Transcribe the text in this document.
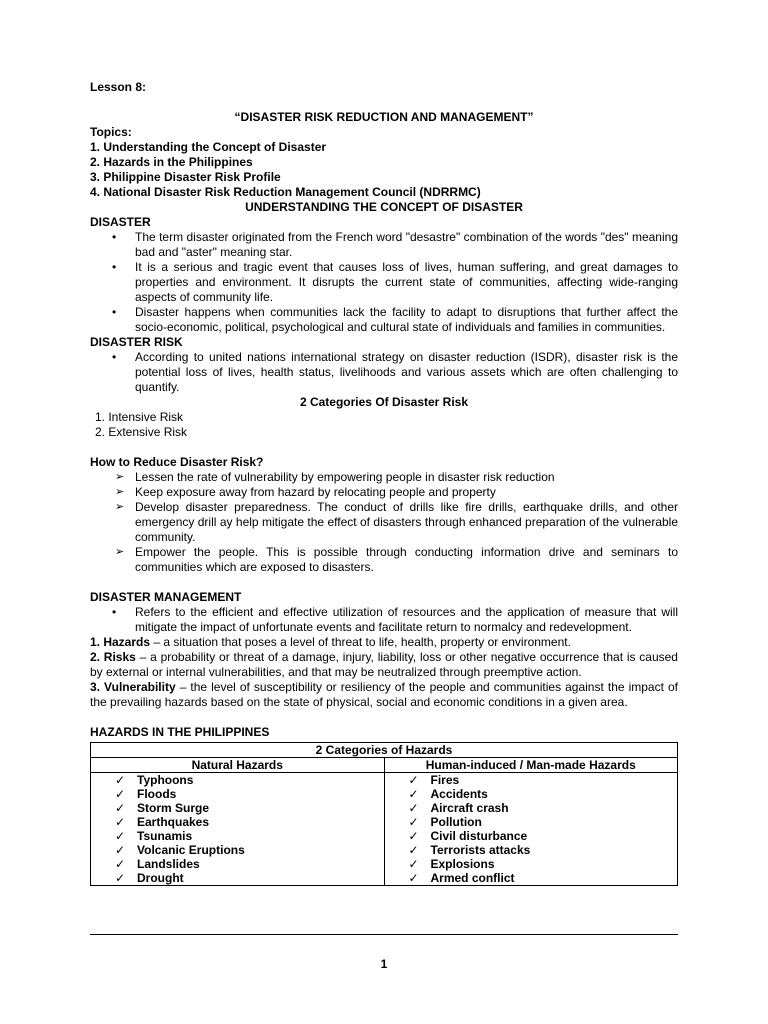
Lesson 8:

“DISASTER RISK REDUCTION AND MANAGEMENT”

Topics:

1. Understanding the Concept of Disaster

2. Hazards in the Philippines

3. Philippine Disaster Risk Profile

4. National Disaster Risk Reduction Management Council (NDRRMC)

UNDERSTANDING THE CONCEPT OF DISASTER

DISASTER

• The term disaster originated from the French word "desastre" combination of the words "des" meaning bad and "aster" meaning star.
• It is a serious and tragic event that causes loss of lives, human suffering, and great damages to properties and environment. It disrupts the current state of communities, affecting wide-ranging aspects of community life.
• Disaster happens when communities lack the facility to adapt to disruptions that further affect the socio-economic, political, psychological and cultural state of individuals and families in communities.

DISASTER RISK

• According to united nations international strategy on disaster reduction (ISDR), disaster risk is the potential loss of lives, health status, livelihoods and various assets which are often challenging to quantify.

2 Categories Of Disaster Risk

1. Intensive Risk
2. Extensive Risk

How to Reduce Disaster Risk?

➢ Lessen the rate of vulnerability by empowering people in disaster risk reduction
➢ Keep exposure away from hazard by relocating people and property
➢ Develop disaster preparedness. The conduct of drills like fire drills, earthquake drills, and other emergency drill ay help mitigate the effect of disasters through enhanced preparation of the vulnerable community.
➢ Empower the people. This is possible through conducting information drive and seminars to communities which are exposed to disasters.

DISASTER MANAGEMENT

• Refers to the efficient and effective utilization of resources and the application of measure that will mitigate the impact of unfortunate events and facilitate return to normalcy and redevelopment.

1. Hazards – a situation that poses a level of threat to life, health, property or environment.

2. Risks – a probability or threat of a damage, injury, liability, loss or other negative occurrence that is caused by external or internal vulnerabilities, and that may be neutralized through preemptive action.

3. Vulnerability – the level of susceptibility or resiliency of the people and communities against the impact of the prevailing hazards based on the state of physical, social and economic conditions in a given area.

HAZARDS IN THE PHILIPPINES

2 Categories of Hazards	
Natural Hazards	Human-induced / Man-made Hazards
✓ Typhoons	✓ Fires
✓ Floods	✓ Accidents
✓ Storm Surge	✓ Aircraft crash
✓ Earthquakes	✓ Pollution
✓ Tsunamis	✓ Civil disturbance
✓ Volcanic Eruptions	✓ Terrorists attacks
✓ Landslides	✓ Explosions
✓ Drought	✓ Armed conflict
1
